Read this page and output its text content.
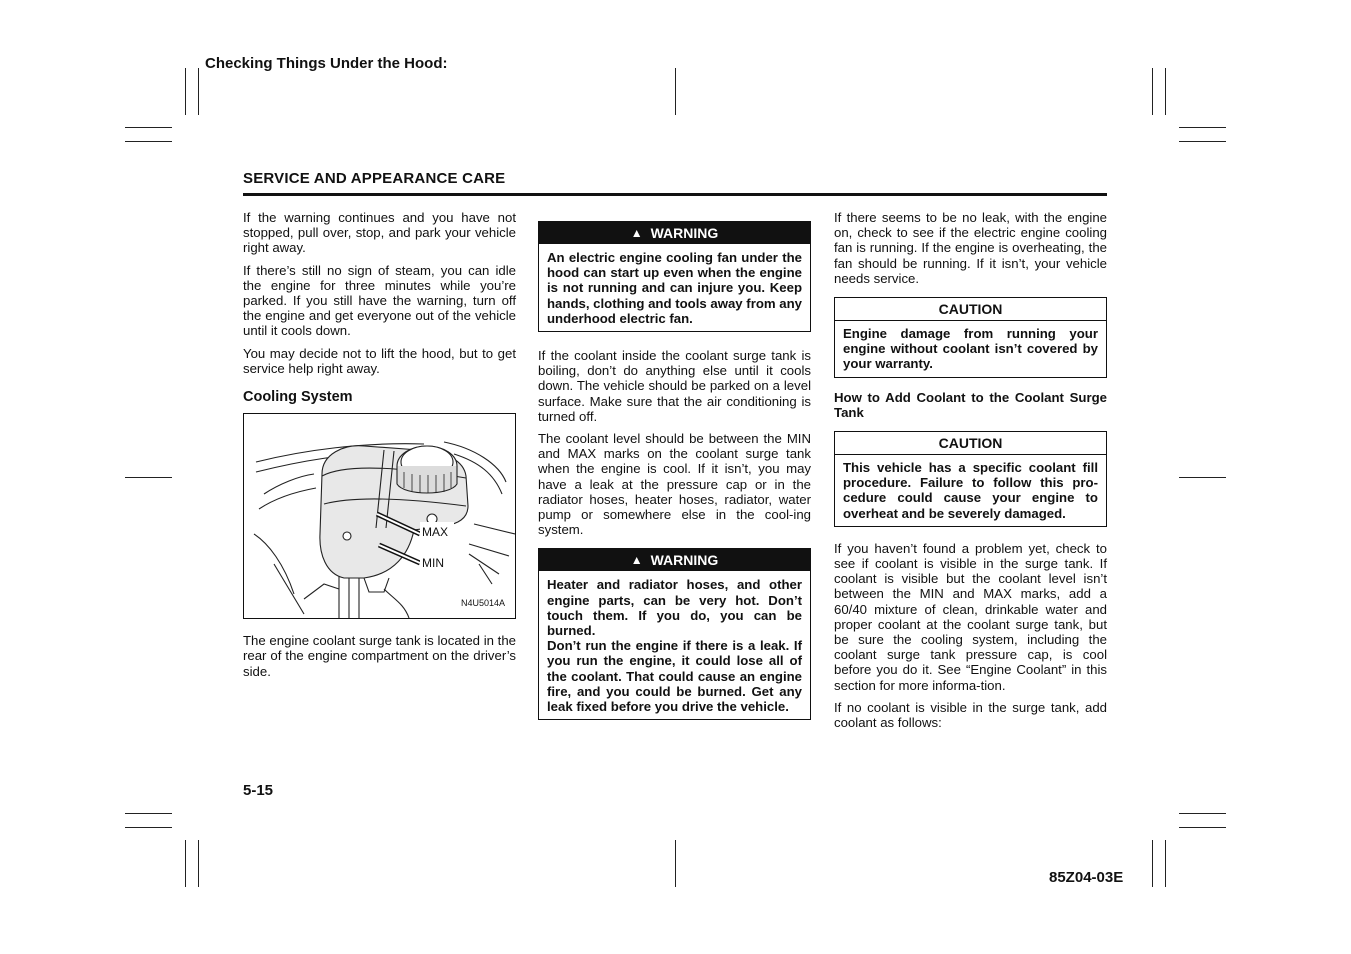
Checking Things Under the Hood:
SERVICE AND APPEARANCE CARE

If the warning continues and you have not stopped, pull over, stop, and park your vehicle right away.

If there’s still no sign of steam, you can idle the engine for three minutes while you’re parked. If you still have the warning, turn off the engine and get everyone out of the vehicle until it cools down.

You may decide not to lift the hood, but to get service help right away.

Cooling System
MAX
MIN
N4U5014A

The engine coolant surge tank is located in the rear of the engine compartment on the driver’s side.

▲ WARNING

An electric engine cooling fan under the hood can start up even when the engine is not running and can injure you. Keep hands, clothing and tools away from any underhood electric fan.

If the coolant inside the coolant surge tank is boiling, don’t do anything else until it cools down. The vehicle should be parked on a level surface. Make sure that the air conditioning is turned off.

The coolant level should be between the MIN and MAX marks on the coolant surge tank when the engine is cool. If it isn’t, you may have a leak at the pressure cap or in the radiator hoses, heater hoses, radiator, water pump or somewhere else in the cool-ing system.

▲ WARNING

Heater and radiator hoses, and other engine parts, can be very hot. Don’t touch them. If you do, you can be burned.

Don’t run the engine if there is a leak. If you run the engine, it could lose all of the coolant. That could cause an engine fire, and you could be burned. Get any leak fixed before you drive the vehicle.

If there seems to be no leak, with the engine on, check to see if the electric engine cooling fan is running. If the engine is overheating, the fan should be running. If it isn’t, your vehicle needs service.

CAUTION
Engine damage from running your engine without coolant isn’t covered by your warranty.

How to Add Coolant to the Coolant Surge Tank

CAUTION
This vehicle has a specific coolant fill procedure. Failure to follow this pro-cedure could cause your engine to overheat and be severely damaged.

If you haven’t found a problem yet, check to see if coolant is visible in the surge tank. If coolant is visible but the coolant level isn’t between the MIN and MAX marks, add a 60/40 mixture of clean, drinkable water and proper coolant at the coolant surge tank, but be sure the cooling system, including the coolant surge tank pressure cap, is cool before you do it. See “Engine Coolant” in this section for more informa-tion.

If no coolant is visible in the surge tank, add coolant as follows:

5-15
85Z04-03E
